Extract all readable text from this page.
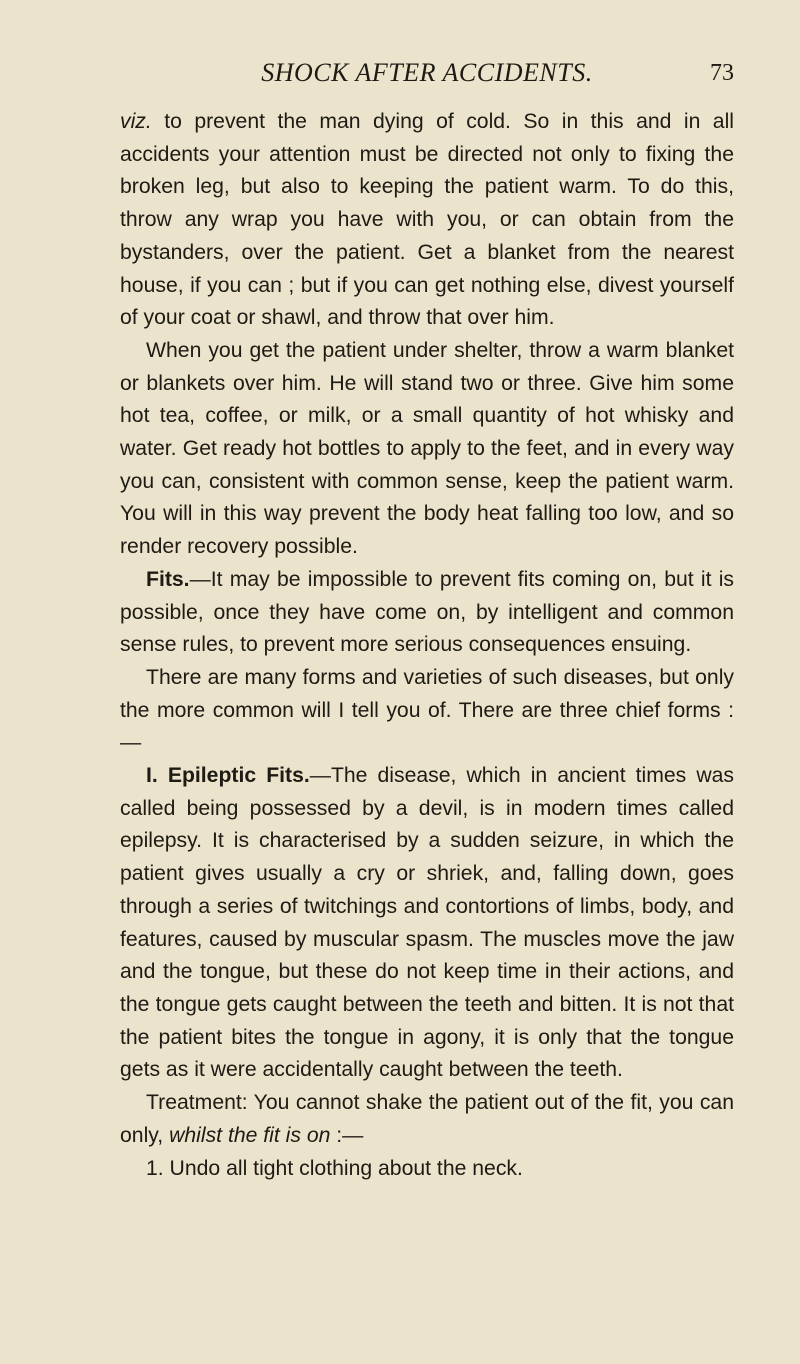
SHOCK AFTER ACCIDENTS.	73

viz. to prevent the man dying of cold. So in this and in all accidents your attention must be directed not only to fixing the broken leg, but also to keeping the patient warm. To do this, throw any wrap you have with you, or can obtain from the bystanders, over the patient. Get a blanket from the nearest house, if you can ; but if you can get nothing else, divest yourself of your coat or shawl, and throw that over him.

When you get the patient under shelter, throw a warm blanket or blankets over him. He will stand two or three. Give him some hot tea, coffee, or milk, or a small quantity of hot whisky and water. Get ready hot bottles to apply to the feet, and in every way you can, consistent with common sense, keep the patient warm. You will in this way prevent the body heat falling too low, and so render recovery possible.

Fits.—It may be impossible to prevent fits coming on, but it is possible, once they have come on, by intelligent and common sense rules, to prevent more serious consequences ensuing.

There are many forms and varieties of such diseases, but only the more common will I tell you of. There are three chief forms :—

I. Epileptic Fits.—The disease, which in ancient times was called being possessed by a devil, is in modern times called epilepsy. It is characterised by a sudden seizure, in which the patient gives usually a cry or shriek, and, falling down, goes through a series of twitchings and contortions of limbs, body, and features, caused by muscular spasm. The muscles move the jaw and the tongue, but these do not keep time in their actions, and the tongue gets caught between the teeth and bitten. It is not that the patient bites the tongue in agony, it is only that the tongue gets as it were accidentally caught between the teeth.

Treatment: You cannot shake the patient out of the fit, you can only, whilst the fit is on :—

1. Undo all tight clothing about the neck.
